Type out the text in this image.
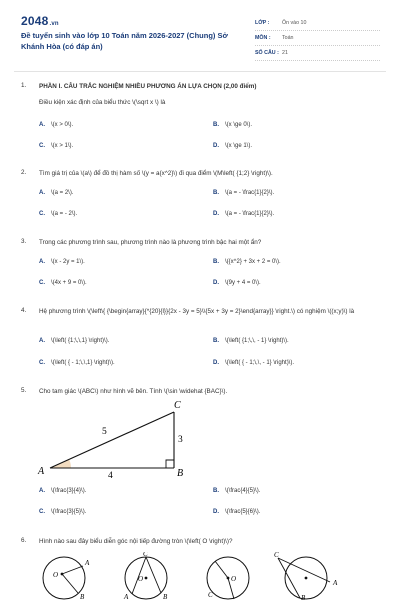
2048.vn
Đề tuyển sinh vào lớp 10 Toán năm 2026-2027 (Chung) Sở Khánh Hòa (có đáp án)
LỚP :	Ôn vào 10
MÔN :	Toán
SỐ CÂU : 21
1. PHẦN I. CÂU TRẮC NGHIỆM NHIỀU PHƯƠNG ÁN LỰA CHỌN (2,00 điểm)
Điều kiện xác định của biểu thức \(\sqrt x \) là
A. \(x > 0\).	B. \(x \ge 0\).
C. \(x > 1\).	D. \(x \ge 1\).
2. Tìm giá trị của \(a\) để đồ thị hàm số \(y = a{x^2}\) đi qua điểm \(M\left( {1;2} \right)\).
A. \(a = 2\).	B. \(a = - \frac{1}{2}\).
C. \(a = - 2\).	D. \(a = - \frac{1}{2}\).
3. Trong các phương trình sau, phương trình nào là phương trình bậc hai một ẩn?
A. \(x - 2y = 1\).	B. \({x^2} + 3x + 2 = 0\).
C. \(4x + 9 = 0\).	D. \(9y + 4 = 0\).
4. Hệ phương trình \(\left\{ {\begin{array}{*{20}{l}}{2x - 3y = 5}\\{5x + 3y = 2}\end{array}} \right.\) có nghiệm \((x;y)\) là
A. \(\left( {1;\,\,1} \right)\).	B. \(\left( {1;\,\, - 1} \right)\).
C. \(\left( { - 1;\,\,1} \right)\).	D. \(\left( { - 1;\,\, - 1} \right)\).
5. Cho tam giác \(ABC\) như hình vẽ bên. Tính \(\sin \widehat {BAC}\).
A	B
C
5
3
4
A. \(\frac{3}{4}\).	B. \(\frac{4}{5}\).
C. \(\frac{3}{5}\).	D. \(\frac{5}{6}\).
6. Hình nào sau đây biểu diễn góc nội tiếp đường tròn \(\left( O \right)\)?
O
A
B
C
A	B
O
C
O
C
A
B
